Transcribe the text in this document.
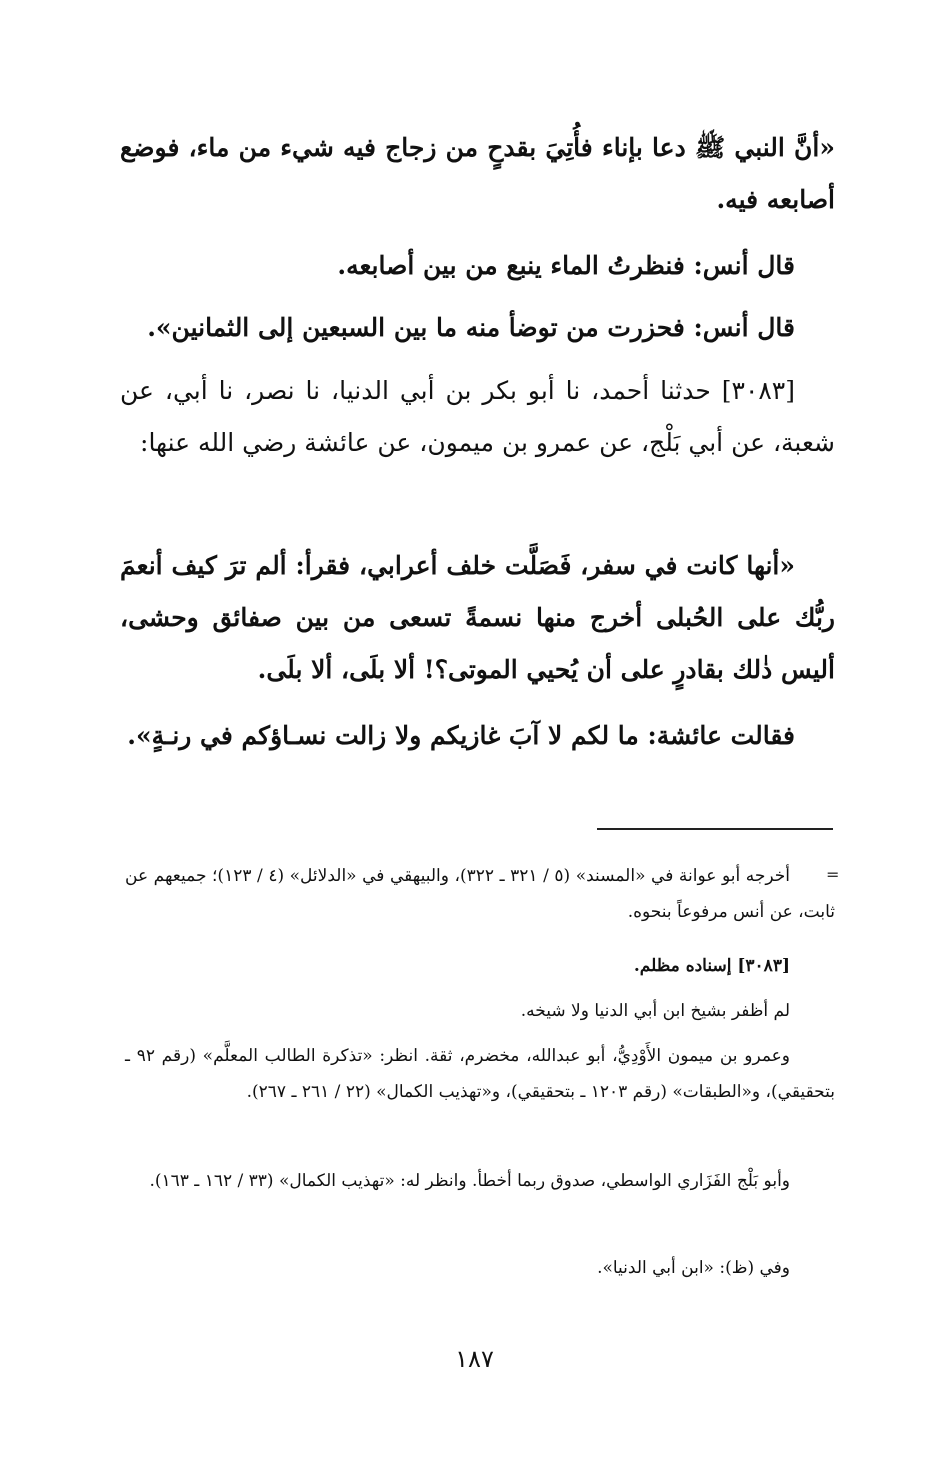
«أنَّ النبي ﷺ دعا بإناء فأُتِيَ بقدحٍ من زجاج فيه شيء من ماء، فوضع أصابعه فيه.
قال أنس: فنظرتُ الماء ينبع من بين أصابعه.
قال أنس: فحزرت من توضأ منه ما بين السبعين إلى الثمانين».
[٣٠٨٣] حدثنا أحمد، نا أبو بكر بن أبي الدنيا، نا نصر، نا أبي، عن شعبة، عن أبي بَلْج، عن عمرو بن ميمون، عن عائشة رضي الله عنها:
«أنها كانت في سفر، فَصَلَّت خلف أعرابي، فقرأ: ألم ترَ كيف أنعمَ ربُّك على الحُبلى أخرج منها نسمةً تسعى من بين صفائق وحشى، أليس ذٰلك بقادرٍ على أن يُحيي الموتى؟! ألا بلَى، ألا بلَى.
فقالت عائشة: ما لكم لا آبَ غازيكم ولا زالت نسـاؤكم في رنـةٍ».
=
أخرجه أبو عوانة في «المسند» (٥ / ٣٢١ ـ ٣٢٢)، والبيهقي في «الدلائل» (٤ / ١٢٣)؛ جميعهم عن ثابت، عن أنس مرفوعاً بنحوه.
[٣٠٨٣] إسناده مظلم.
لم أظفر بشيخ ابن أبي الدنيا ولا شيخه.
وعمرو بن ميمون الأَوْدِيُّ، أبو عبدالله، مخضرم، ثقة. انظر: «تذكرة الطالب المعلَّم» (رقم ٩٢ ـ بتحقيقي)، و«الطبقات» (رقم ١٢٠٣ ـ بتحقيقي)، و«تهذيب الكمال» (٢٢ / ٢٦١ ـ ٢٦٧).
وأبو بَلْج الفَزَاري الواسطي، صدوق ربما أخطأ. وانظر له: «تهذيب الكمال» (٣٣ / ١٦٢ ـ ١٦٣).
وفي (ظ): «ابن أبي الدنيا».
١٨٧
